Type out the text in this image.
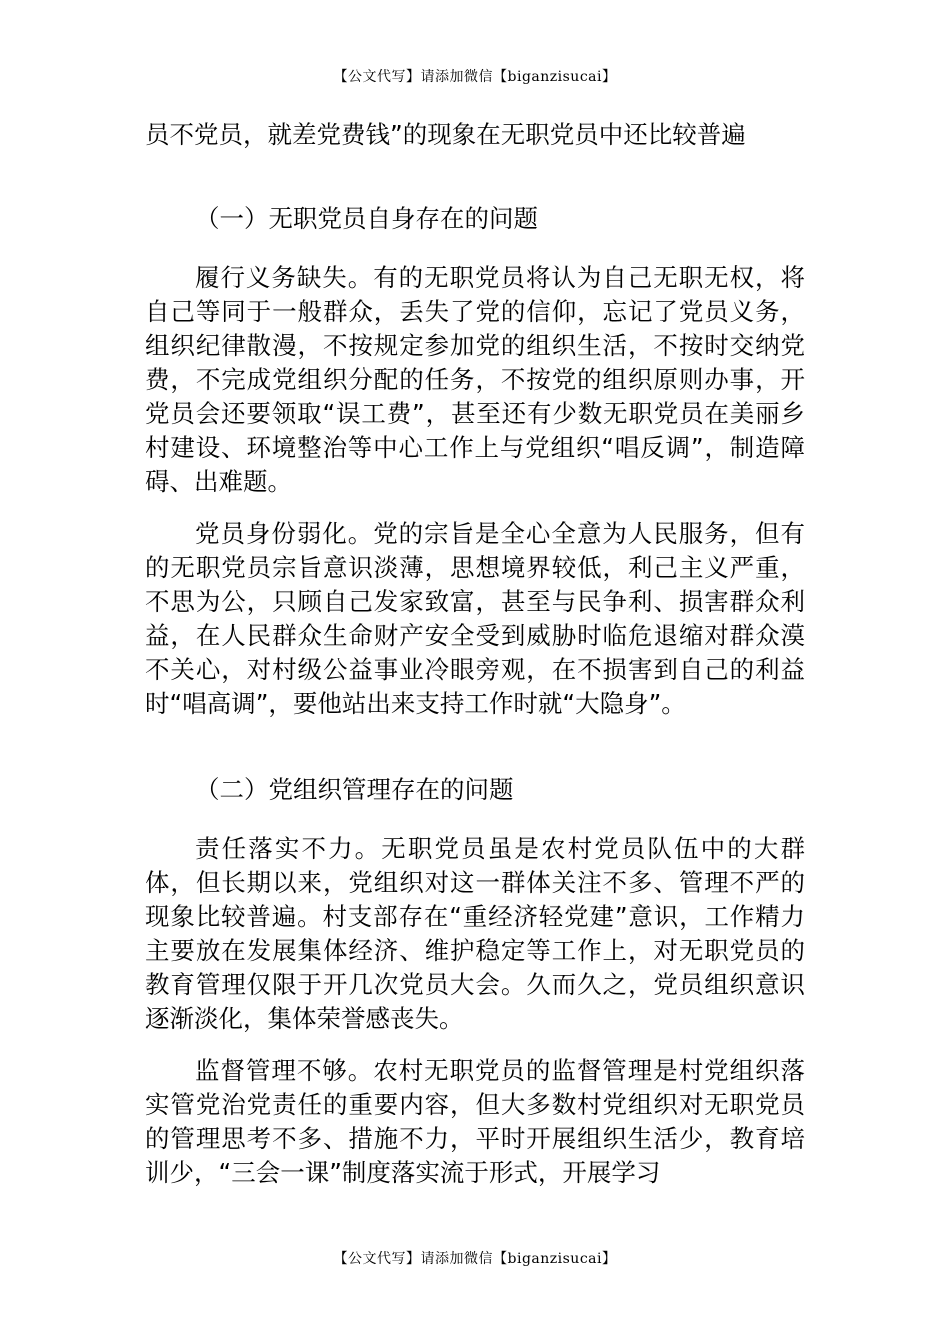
【公文代写】请添加微信【biganzisucai】

员不党员，就差党费钱”的现象在无职党员中还比较普遍

（一）无职党员自身存在的问题

履行义务缺失。有的无职党员将认为自己无职无权，将自己等同于一般群众，丢失了党的信仰，忘记了党员义务，组织纪律散漫，不按规定参加党的组织生活，不按时交纳党费，不完成党组织分配的任务，不按党的组织原则办事，开党员会还要领取“误工费”，甚至还有少数无职党员在美丽乡村建设、环境整治等中心工作上与党组织“唱反调”，制造障碍、出难题。

党员身份弱化。党的宗旨是全心全意为人民服务，但有的无职党员宗旨意识淡薄，思想境界较低，利己主义严重，不思为公，只顾自己发家致富，甚至与民争利、损害群众利益，在人民群众生命财产安全受到威胁时临危退缩对群众漠不关心，对村级公益事业冷眼旁观，在不损害到自己的利益时“唱高调”，要他站出来支持工作时就“大隐身”。

（二）党组织管理存在的问题

责任落实不力。无职党员虽是农村党员队伍中的大群体，但长期以来，党组织对这一群体关注不多、管理不严的现象比较普遍。村支部存在“重经济轻党建”意识，工作精力主要放在发展集体经济、维护稳定等工作上，对无职党员的教育管理仅限于开几次党员大会。久而久之，党员组织意识逐渐淡化，集体荣誉感丧失。

监督管理不够。农村无职党员的监督管理是村党组织落实管党治党责任的重要内容，但大多数村党组织对无职党员的管理思考不多、措施不力，平时开展组织生活少，教育培训少，“三会一课”制度落实流于形式，开展学习

【公文代写】请添加微信【biganzisucai】
